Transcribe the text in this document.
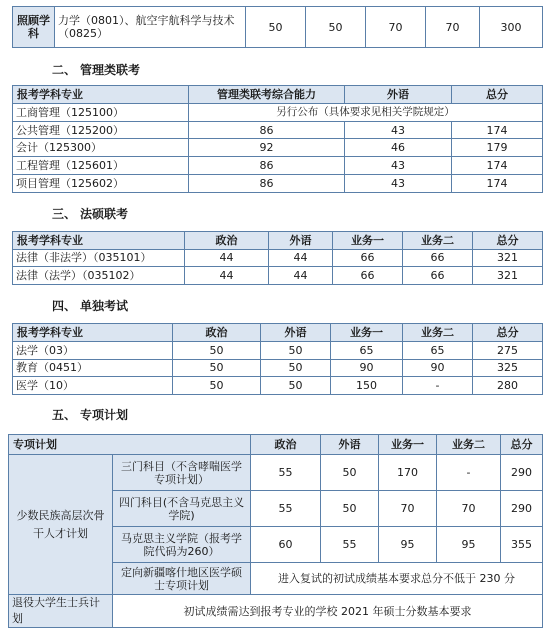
照顾学科	力学（0801）、航空宇航科学与技术（0825）	50	50	70	70	300
二、 管理类联考
报考学科专业	管理类联考综合能力	外语	总分
工商管理（125100）	另行公布（具体要求见相关学院规定）		
公共管理（125200）	86	43	174
会计（125300）	92	46	179
工程管理（125601）	86	43	174
项目管理（125602）	86	43	174
三、 法硕联考
报考学科专业	政治	外语	业务一	业务二	总分
法律（非法学）（035101）	44	44	66	66	321
法律（法学）（035102）	44	44	66	66	321
四、 单独考试
报考学科专业	政治	外语	业务一	业务二	总分
法学（03）	50	50	65	65	275
教育（0451）	50	50	90	90	325
医学（10）	50	50	150	-	280
五、 专项计划
专项计划		政治	外语	业务一	业务二	总分
少数民族高层次骨干人才计划	三门科目（不含哮喘医学专项计划）	55	50	170	-	290
	四门科目(不含马克思主义学院)	55	50	70	70	290
	马克思主义学院（报考学院代码为260）	60	55	95	95	355
	定向新疆喀什地区医学硕士专项计划	进入复试的初试成绩基本要求总分不低于 230 分				
退役大学生士兵计划	初试成绩需达到报考专业的学校 2021 年硕士分数基本要求					
